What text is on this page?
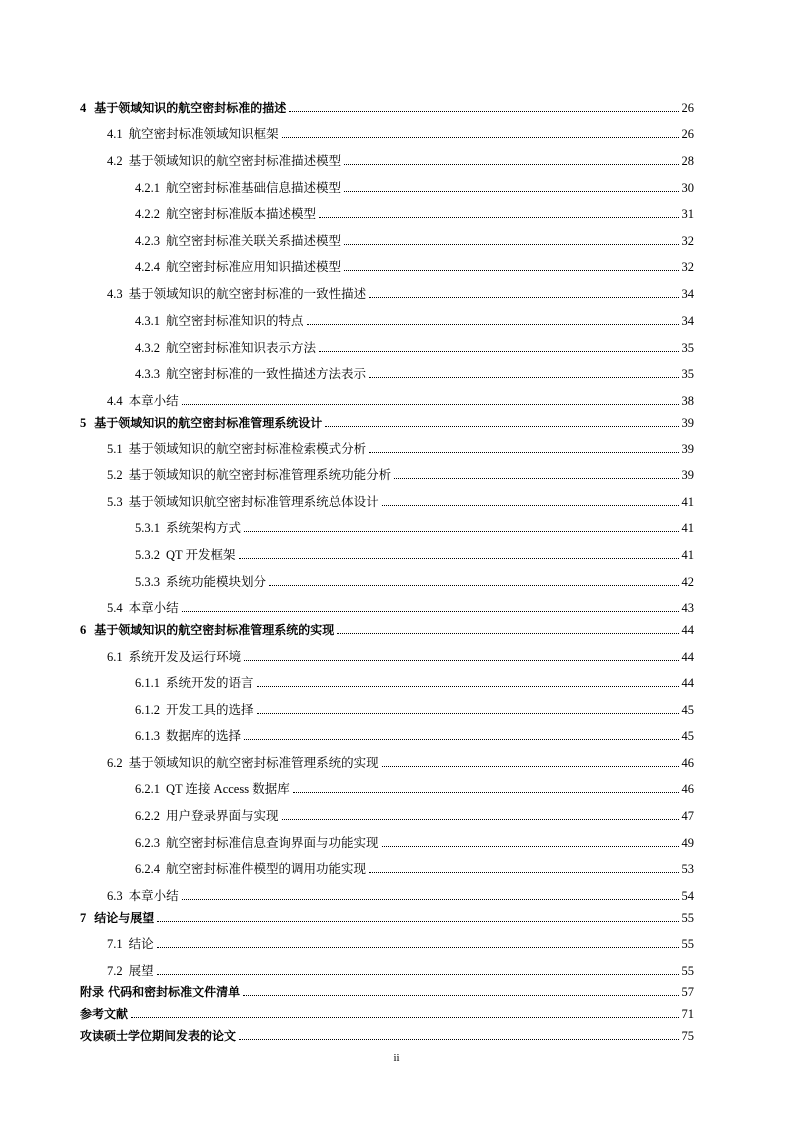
4 基于领域知识的航空密封标准的描述	26
4.1 航空密封标准领域知识框架	26
4.2 基于领域知识的航空密封标准描述模型	28
4.2.1 航空密封标准基础信息描述模型	30
4.2.2 航空密封标准版本描述模型	31
4.2.3 航空密封标准关联关系描述模型	32
4.2.4 航空密封标准应用知识描述模型	32
4.3 基于领域知识的航空密封标准的一致性描述	34
4.3.1 航空密封标准知识的特点	34
4.3.2 航空密封标准知识表示方法	35
4.3.3 航空密封标准的一致性描述方法表示	35
4.4 本章小结	38
5 基于领域知识的航空密封标准管理系统设计	39
5.1 基于领域知识的航空密封标准检索模式分析	39
5.2 基于领域知识的航空密封标准管理系统功能分析	39
5.3 基于领域知识航空密封标准管理系统总体设计	41
5.3.1 系统架构方式	41
5.3.2 QT 开发框架	41
5.3.3 系统功能模块划分	42
5.4 本章小结	43
6 基于领域知识的航空密封标准管理系统的实现	44
6.1 系统开发及运行环境	44
6.1.1 系统开发的语言	44
6.1.2 开发工具的选择	45
6.1.3 数据库的选择	45
6.2 基于领域知识的航空密封标准管理系统的实现	46
6.2.1 QT 连接 Access 数据库	46
6.2.2 用户登录界面与实现	47
6.2.3 航空密封标准信息查询界面与功能实现	49
6.2.4 航空密封标准件模型的调用功能实现	53
6.3 本章小结	54
7 结论与展望	55
7.1 结论	55
7.2 展望	55
附录 代码和密封标准文件清单	57
参考文献	71
攻读硕士学位期间发表的论文	75
ii
